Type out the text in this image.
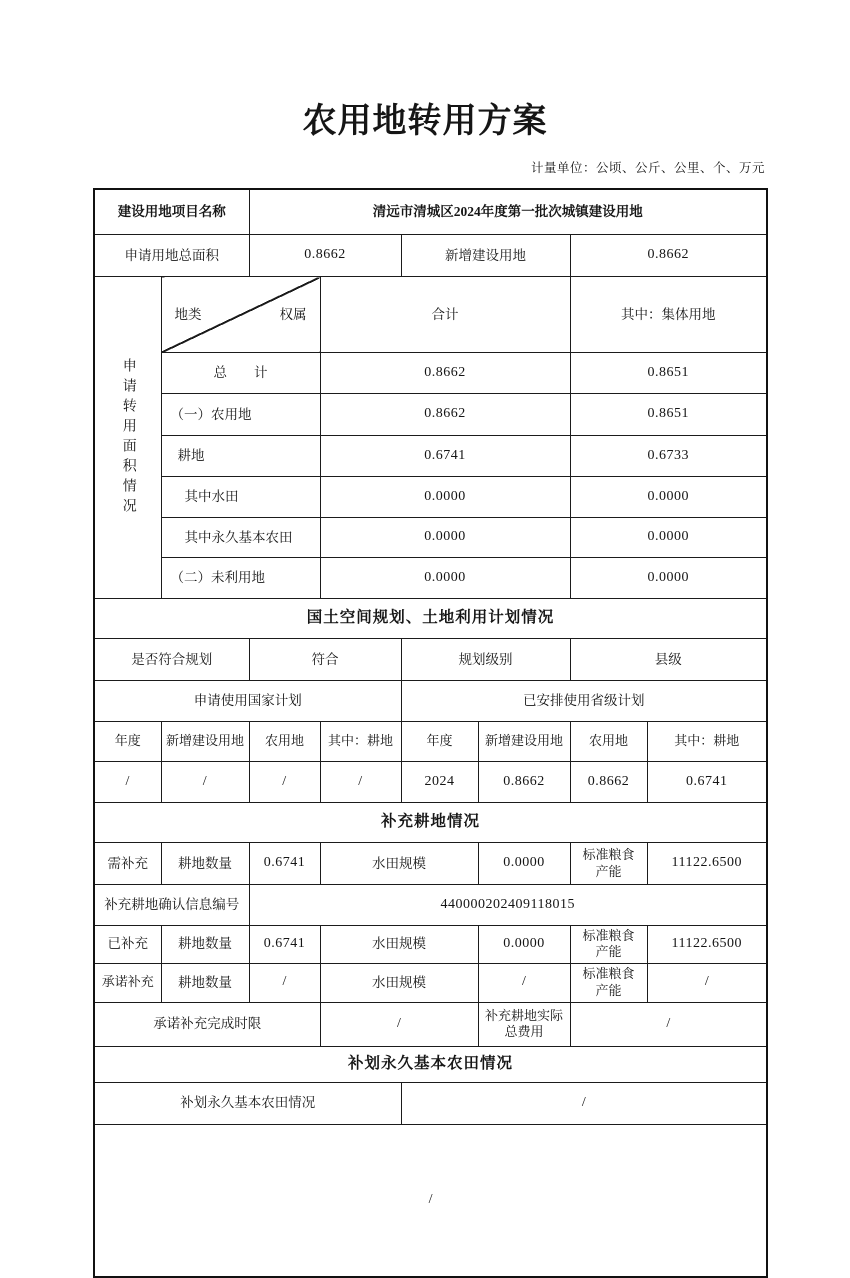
农用地转用方案
计量单位：公顷、公斤、公里、个、万元
建设用地项目名称		清远市清城区2024年度第一批次城镇建设用地					
申请用地总面积		0.8662		新增建设用地		0.8662	

申请转用面积情况	地类 权属		合计			其中：集体用地	
	总　　计		0.8662			0.8651	
	（一）农用地		0.8662			0.8651	
	耕地		0.6741			0.6733	
	其中水田		0.0000			0.0000	
	其中永久基本农田		0.0000			0.0000	
	（二）未利用地		0.0000			0.0000	
国土空间规划、土地利用计划情况							
是否符合规划		符合		规划级别		县级	
申请使用国家计划				已安排使用省级计划			
年度	新增建设用地	农用地	其中：耕地	年度	新增建设用地	农用地	其中：耕地
/	/	/	/	2024	0.8662	0.8662	0.6741
补充耕地情况							
需补充	耕地数量	0.6741	水田规模		0.0000	标准粮食产能	11122.6500
补充耕地确认信息编号		440000202409118015					
已补充	耕地数量	0.6741	水田规模		0.0000	标准粮食产能	11122.6500
承诺补充	耕地数量	/	水田规模		/	标准粮食产能	/
承诺补充完成时限			/		补充耕地实际总费用	/	
补划永久基本农田情况							
补划永久基本农田情况				/			
/							
